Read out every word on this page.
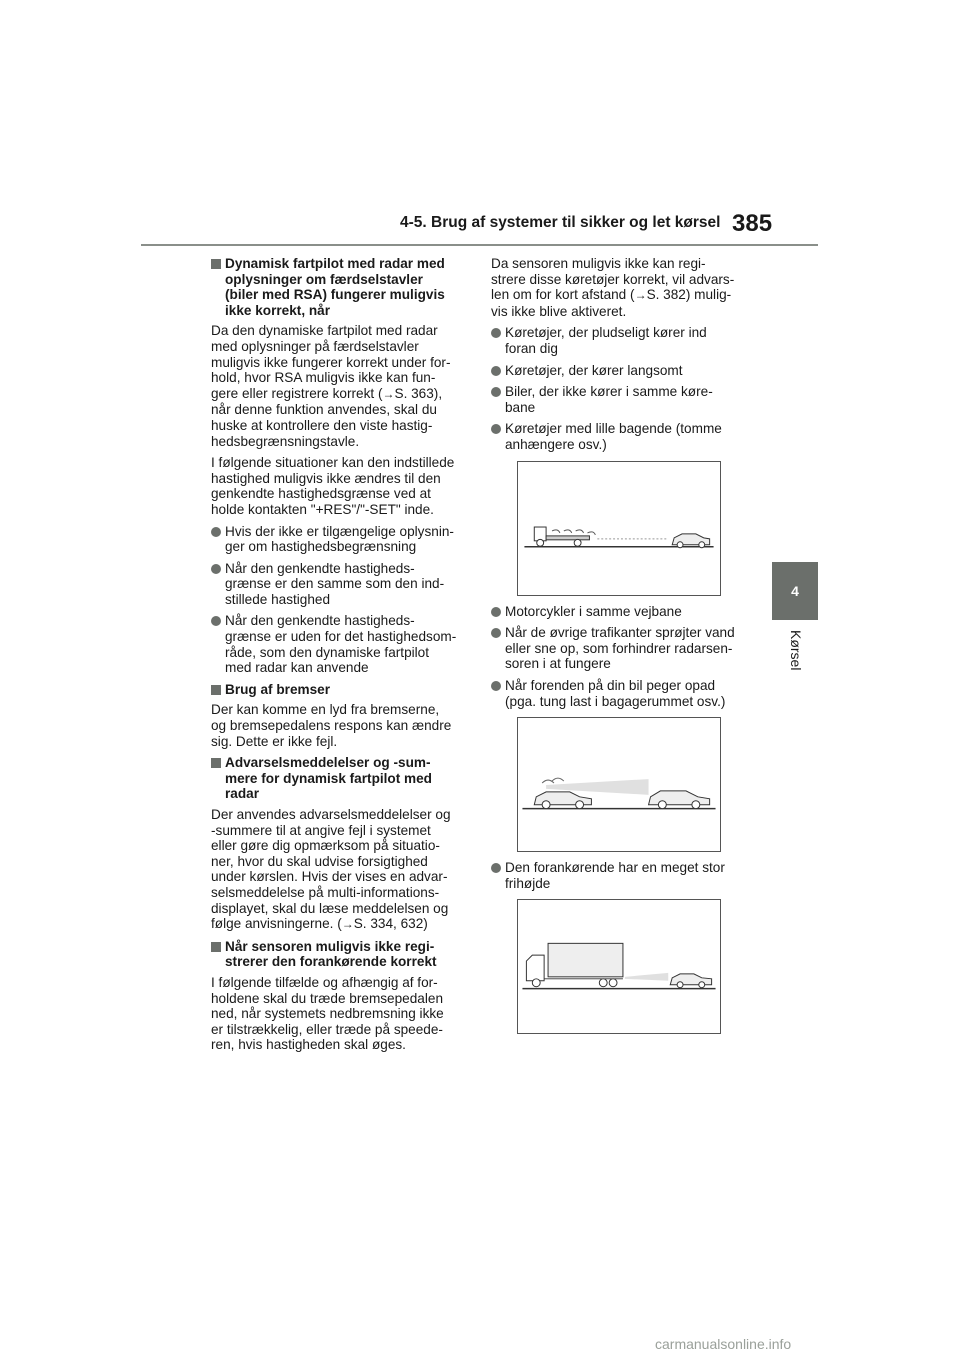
4-5. Brug af systemer til sikker og let kørsel 385
4
Kørsel
Dynamisk fartpilot med radar med
oplysninger om færdselstavler
(biler med RSA) fungerer muligvis
ikke korrekt, når
Da den dynamiske fartpilot med radar
med oplysninger på færdselstavler
muligvis ikke fungerer korrekt under for-
hold, hvor RSA muligvis ikke kan fun-
gere eller registrere korrekt (→S. 363),
når denne funktion anvendes, skal du
huske at kontrollere den viste hastig-
hedsbegrænsningstavle.
I følgende situationer kan den indstillede
hastighed muligvis ikke ændres til den
genkendte hastighedsgrænse ved at
holde kontakten "+RES"/"-SET" inde.
Hvis der ikke er tilgængelige oplysnin-
ger om hastighedsbegrænsning
Når den genkendte hastigheds-
grænse er den samme som den ind-
stillede hastighed
Når den genkendte hastigheds-
grænse er uden for det hastighedsom-
råde, som den dynamiske fartpilot
med radar kan anvende
Brug af bremser
Der kan komme en lyd fra bremserne,
og bremsepedalens respons kan ændre
sig. Dette er ikke fejl.
Advarselsmeddelelser og -sum-
mere for dynamisk fartpilot med
radar
Der anvendes advarselsmeddelelser og
-summere til at angive fejl i systemet
eller gøre dig opmærksom på situatio-
ner, hvor du skal udvise forsigtighed
under kørslen. Hvis der vises en advar-
selsmeddelelse på multi-informations-
displayet, skal du læse meddelelsen og
følge anvisningerne. (→S. 334, 632)
Når sensoren muligvis ikke regi-
strerer den forankørende korrekt
I følgende tilfælde og afhængig af for-
holdene skal du træde bremsepedalen
ned, når systemets nedbremsning ikke
er tilstrækkelig, eller træde på speede-
ren, hvis hastigheden skal øges.
Da sensoren muligvis ikke kan regi-
strere disse køretøjer korrekt, vil advars-
len om for kort afstand (→S. 382) mulig-
vis ikke blive aktiveret.
Køretøjer, der pludseligt kører ind
foran dig
Køretøjer, der kører langsomt
Biler, der ikke kører i samme køre-
bane
Køretøjer med lille bagende (tomme
anhængere osv.)
Motorcykler i samme vejbane
Når de øvrige trafikanter sprøjter vand
eller sne op, som forhindrer radarsen-
soren i at fungere
Når forenden på din bil peger opad
(pga. tung last i bagagerummet osv.)
Den forankørende har en meget stor
frihøjde
carmanualsonline.info
